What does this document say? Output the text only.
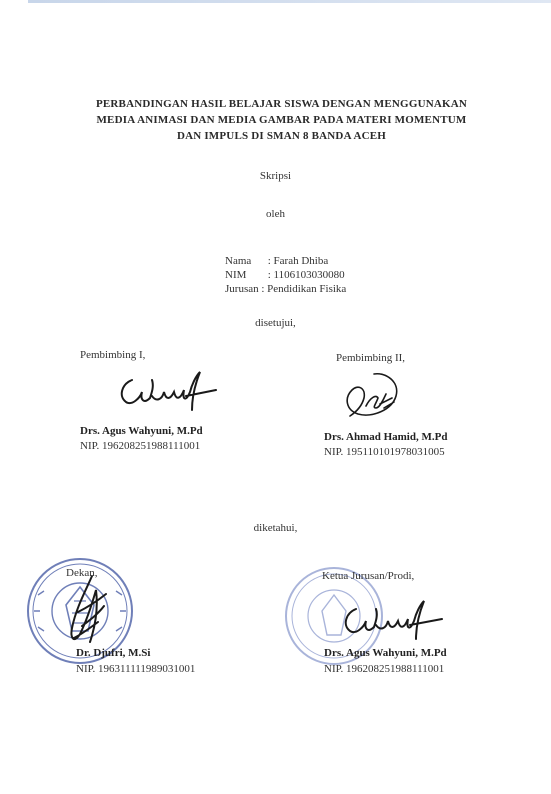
PERBANDINGAN HASIL BELAJAR SISWA DENGAN MENGGUNAKAN
MEDIA ANIMASI DAN MEDIA GAMBAR PADA MATERI MOMENTUM
DAN IMPULS DI SMAN 8 BANDA ACEH
Skripsi
oleh
Nama : Farah Dhiba
NIM : 1106103030080
Jurusan : Pendidikan Fisika
disetujui,
Pembimbing I,
Drs. Agus Wahyuni, M.Pd
NIP. 196208251988111001
Pembimbing II,
Drs. Ahmad Hamid, M.Pd
NIP. 195110101978031005
diketahui,
Dekan,
Dr. Djufri, M.Si
NIP. 196311111989031001
Ketua Jurusan/Prodi,
Drs. Agus Wahyuni, M.Pd
NIP. 196208251988111001
